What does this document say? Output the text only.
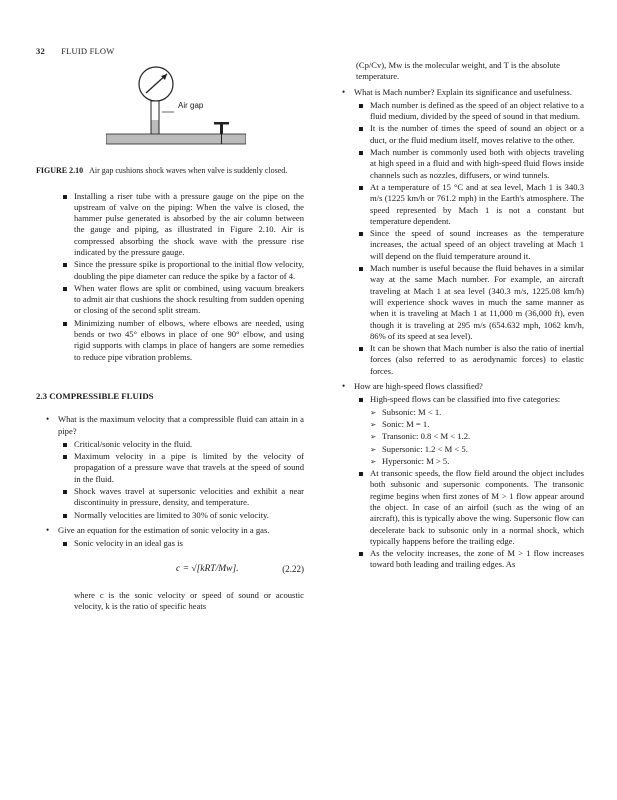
32 FLUID FLOW
Air gap

FIGURE 2.10 Air gap cushions shock waves when valve is suddenly closed.

Installing a riser tube with a pressure gauge on the pipe on the upstream of valve on the piping: When the valve is closed, the hammer pulse generated is absorbed by the air column between the gauge and piping, as illustrated in Figure 2.10. Air is compressed absorbing the shock wave with the pressure rise indicated by the pressure gauge.
Since the pressure spike is proportional to the initial flow velocity, doubling the pipe diameter can reduce the spike by a factor of 4.
When water flows are split or combined, using vacuum breakers to admit air that cushions the shock resulting from sudden opening or closing of the second split stream.
Minimizing number of elbows, where elbows are needed, using bends or two 45° elbows in place of one 90° elbow, and using rigid supports with clamps in place of hangers are some remedies to reduce pipe vibration problems.
2.3 COMPRESSIBLE FLUIDS
• What is the maximum velocity that a compressible fluid can attain in a pipe?
Critical/sonic velocity in the fluid.
Maximum velocity in a pipe is limited by the velocity of propagation of a pressure wave that travels at the speed of sound in the fluid.
Shock waves travel at supersonic velocities and exhibit a near discontinuity in pressure, density, and temperature.
Normally velocities are limited to 30% of sonic velocity.
• Give an equation for the estimation of sonic velocity in a gas.
Sonic velocity in an ideal gas is
c = √[kRT/Mw].	(2.22)

where c is the sonic velocity or speed of sound or acoustic velocity, k is the ratio of specific heats

(Cp/Cv), Mw is the molecular weight, and T is the absolute temperature.
• What is Mach number? Explain its significance and usefulness.
Mach number is defined as the speed of an object relative to a fluid medium, divided by the speed of sound in that medium.
It is the number of times the speed of sound an object or a duct, or the fluid medium itself, moves relative to the other.
Mach number is commonly used both with objects traveling at high speed in a fluid and with high-speed fluid flows inside channels such as nozzles, diffusers, or wind tunnels.
At a temperature of 15 °C and at sea level, Mach 1 is 340.3 m/s (1225 km/h or 761.2 mph) in the Earth's atmosphere. The speed represented by Mach 1 is not a constant but temperature dependent.
Since the speed of sound increases as the temperature increases, the actual speed of an object traveling at Mach 1 will depend on the fluid temperature around it.
Mach number is useful because the fluid behaves in a similar way at the same Mach number. For example, an aircraft traveling at Mach 1 at sea level (340.3 m/s, 1225.08 km/h) will experience shock waves in much the same manner as when it is traveling at Mach 1 at 11,000 m (36,000 ft), even though it is traveling at 295 m/s (654.632 mph, 1062 km/h, 86% of its speed at sea level).
It can be shown that Mach number is also the ratio of inertial forces (also referred to as aerodynamic forces) to elastic forces.
• How are high-speed flows classified?
High-speed flows can be classified into five categories:
➢ Subsonic: M < 1.
➢ Sonic: M = 1.
➢ Transonic: 0.8 < M < 1.2.
➢ Supersonic: 1.2 < M < 5.
➢ Hypersonic: M > 5.
At transonic speeds, the flow field around the object includes both subsonic and supersonic components. The transonic regime begins when first zones of M > 1 flow appear around the object. In case of an airfoil (such as the wing of an aircraft), this is typically above the wing. Supersonic flow can decelerate back to subsonic only in a normal shock, which typically happens before the trailing edge.
As the velocity increases, the zone of M > 1 flow increases toward both leading and trailing edges. As
